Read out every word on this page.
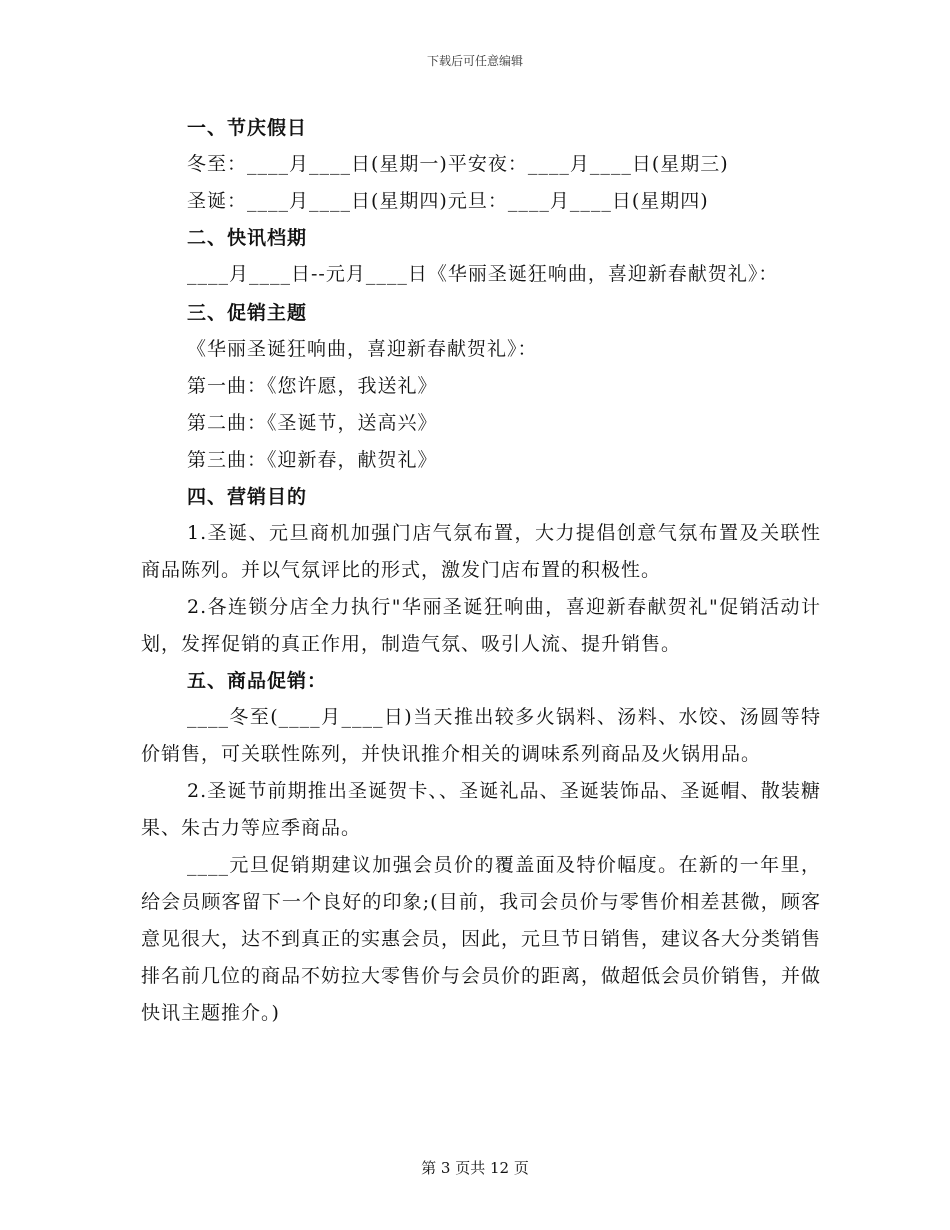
下载后可任意编辑
一、节庆假日
冬至：____月____日(星期一)平安夜：____月____日(星期三)
圣诞：____月____日(星期四)元旦：____月____日(星期四)
二、快讯档期
____月____日--元月____日《华丽圣诞狂响曲，喜迎新春献贺礼》：
三、促销主题
《华丽圣诞狂响曲，喜迎新春献贺礼》：
第一曲：《您许愿，我送礼》
第二曲：《圣诞节，送高兴》
第三曲：《迎新春，献贺礼》
四、营销目的
1.圣诞、元旦商机加强门店气氛布置，大力提倡创意气氛布置及关联性商品陈列。并以气氛评比的形式，激发门店布置的积极性。
2.各连锁分店全力执行"华丽圣诞狂响曲，喜迎新春献贺礼"促销活动计划，发挥促销的真正作用，制造气氛、吸引人流、提升销售。
五、商品促销：
____冬至(____月____日)当天推出较多火锅料、汤料、水饺、汤圆等特价销售，可关联性陈列，并快讯推介相关的调味系列商品及火锅用品。
2.圣诞节前期推出圣诞贺卡、、圣诞礼品、圣诞装饰品、圣诞帽、散装糖果、朱古力等应季商品。
____元旦促销期建议加强会员价的覆盖面及特价幅度。在新的一年里，给会员顾客留下一个良好的印象;(目前，我司会员价与零售价相差甚微，顾客意见很大，达不到真正的实惠会员，因此，元旦节日销售，建议各大分类销售排名前几位的商品不妨拉大零售价与会员价的距离，做超低会员价销售，并做快讯主题推介。)
第 3 页共 12 页
